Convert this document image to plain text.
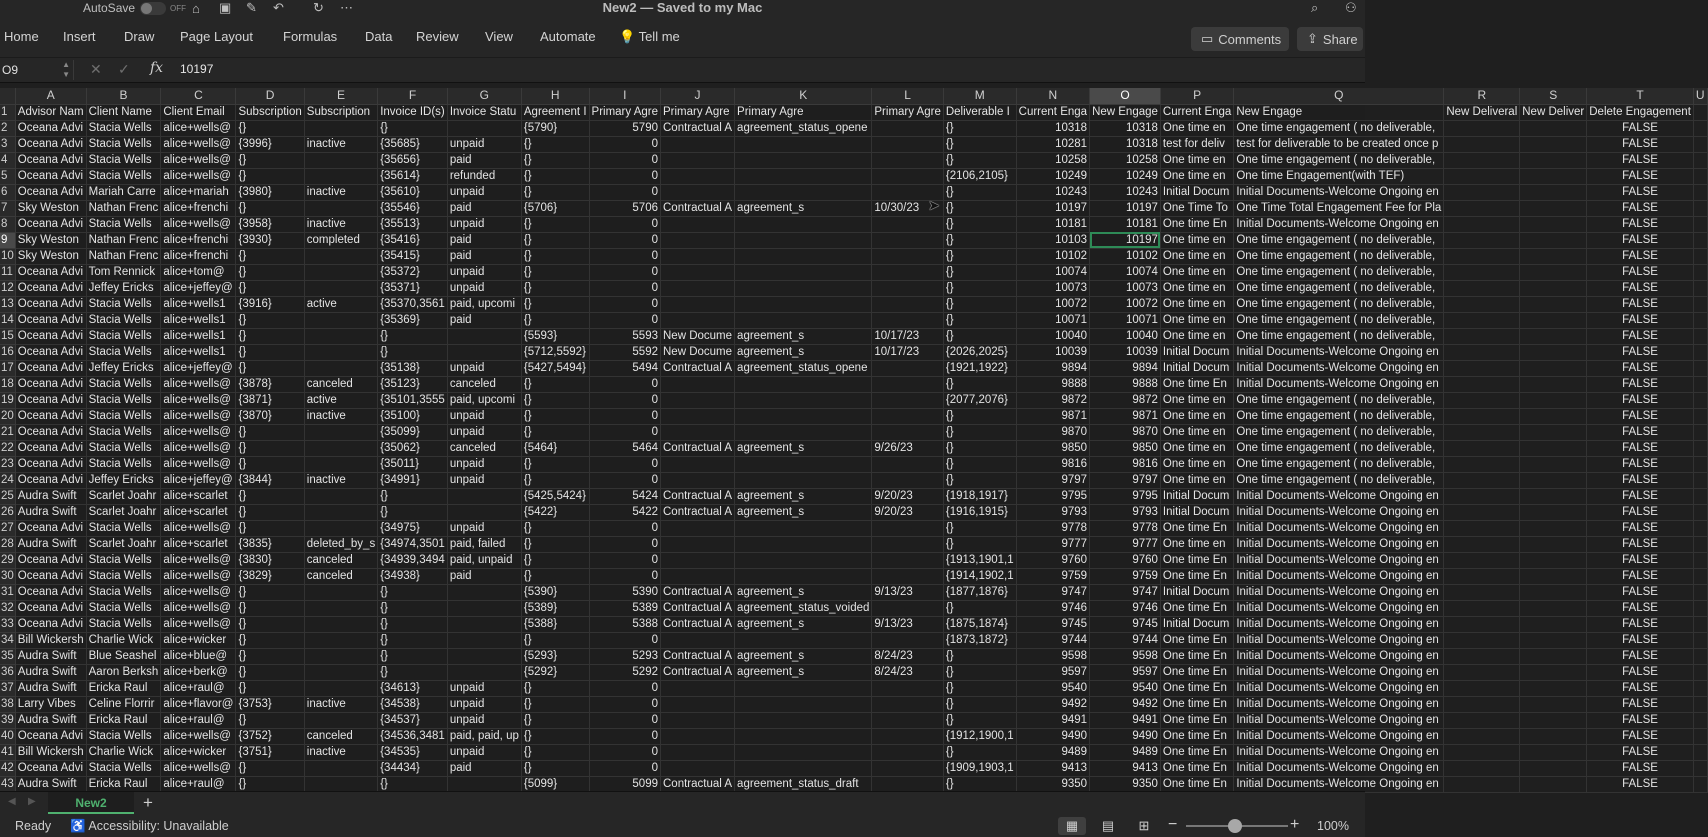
AutoSave	OFF ⌂ ▣ ✎ ↶ ↻ ⋯	New2 — Saved to my Mac	⌕ ⚇
Home Insert Draw Page Layout Formulas Data Review View Automate 💡 Tell me	▭ Comments ⇪ Share
O9	▲
▼ ✕ ✓ fx 10197
	A	B	C	D	E	F	G	H	I	J	K	L	M	N	O	P	Q	R	S	T	U
1	Advisor Nam	Client Name	Client Email	Subscription	Subscription	Invoice ID(s)	Invoice Statu	Agreement I	Primary Agre	Primary Agre	Primary Agre	Primary Agre	Deliverable I	Current Enga	New Engage	Current Enga	New Engage	New Deliveral	New Deliver	Delete Engagement	
2	Oceana Advi	Stacia Wells	alice+wells@	{}		{}		{5790}	5790	Contractual A	agreement_status_opene		{}	10318	10318	One time en	One time engagement ( no deliverable,			FALSE	
3	Oceana Advi	Stacia Wells	alice+wells@	{3996}	inactive	{35685}	unpaid	{}	0				{}	10281	10318	test for deliv	test for deliverable to be created once p			FALSE	
4	Oceana Advi	Stacia Wells	alice+wells@	{}		{35656}	paid	{}	0				{}	10258	10258	One time en	One time engagement ( no deliverable,			FALSE	
5	Oceana Advi	Stacia Wells	alice+wells@	{}		{35614}	refunded	{}	0				{2106,2105}	10249	10249	One time en	One time Engagement(with TEF)			FALSE	
6	Oceana Advi	Mariah Carre	alice+mariah	{3980}	inactive	{35610}	unpaid	{}	0				{}	10243	10243	Initial Docum	Initial Documents-Welcome Ongoing en			FALSE	
7	Sky Weston	Nathan Frenc	alice+frenchi	{}		{35546}	paid	{5706}	5706	Contractual A	agreement_s	10/30/23	{}	10197	10197	One Time To	One Time Total Engagement Fee for Pla			FALSE	
8	Oceana Advi	Stacia Wells	alice+wells@	{3958}	inactive	{35513}	unpaid	{}	0				{}	10181	10181	One time En	Initial Documents-Welcome Ongoing en			FALSE	
9	Sky Weston	Nathan Frenc	alice+frenchi	{3930}	completed	{35416}	paid	{}	0				{}	10103	10197	One time en	One time engagement ( no deliverable,			FALSE	
10	Sky Weston	Nathan Frenc	alice+frenchi	{}		{35415}	paid	{}	0				{}	10102	10102	One time en	One time engagement ( no deliverable,			FALSE	
11	Oceana Advi	Tom Rennick	alice+tom@	{}		{35372}	unpaid	{}	0				{}	10074	10074	One time en	One time engagement ( no deliverable,			FALSE	
12	Oceana Advi	Jeffey Ericks	alice+jeffey@	{}		{35371}	unpaid	{}	0				{}	10073	10073	One time en	One time engagement ( no deliverable,			FALSE	
13	Oceana Advi	Stacia Wells	alice+wells1	{3916}	active	{35370,3561	paid, upcomi	{}	0				{}	10072	10072	One time en	One time engagement ( no deliverable,			FALSE	
14	Oceana Advi	Stacia Wells	alice+wells1	{}		{35369}	paid	{}	0				{}	10071	10071	One time en	One time engagement ( no deliverable,			FALSE	
15	Oceana Advi	Stacia Wells	alice+wells1	{}		{}		{5593}	5593	New Docume	agreement_s	10/17/23	{}	10040	10040	One time en	One time engagement ( no deliverable,			FALSE	
16	Oceana Advi	Stacia Wells	alice+wells1	{}		{}		{5712,5592}	5592	New Docume	agreement_s	10/17/23	{2026,2025}	10039	10039	Initial Docum	Initial Documents-Welcome Ongoing en			FALSE	
17	Oceana Advi	Jeffey Ericks	alice+jeffey@	{}		{35138}	unpaid	{5427,5494}	5494	Contractual A	agreement_status_opene		{1921,1922}	9894	9894	Initial Docum	Initial Documents-Welcome Ongoing en			FALSE	
18	Oceana Advi	Stacia Wells	alice+wells@	{3878}	canceled	{35123}	canceled	{}	0				{}	9888	9888	One time En	Initial Documents-Welcome Ongoing en			FALSE	
19	Oceana Advi	Stacia Wells	alice+wells@	{3871}	active	{35101,3555	paid, upcomi	{}	0				{2077,2076}	9872	9872	One time en	One time engagement ( no deliverable,			FALSE	
20	Oceana Advi	Stacia Wells	alice+wells@	{3870}	inactive	{35100}	unpaid	{}	0				{}	9871	9871	One time en	One time engagement ( no deliverable,			FALSE	
21	Oceana Advi	Stacia Wells	alice+wells@	{}		{35099}	unpaid	{}	0				{}	9870	9870	One time en	One time engagement ( no deliverable,			FALSE	
22	Oceana Advi	Stacia Wells	alice+wells@	{}		{35062}	canceled	{5464}	5464	Contractual A	agreement_s	9/26/23	{}	9850	9850	One time en	One time engagement ( no deliverable,			FALSE	
23	Oceana Advi	Stacia Wells	alice+wells@	{}		{35011}	unpaid	{}	0				{}	9816	9816	One time en	One time engagement ( no deliverable,			FALSE	
24	Oceana Advi	Jeffey Ericks	alice+jeffey@	{3844}	inactive	{34991}	unpaid	{}	0				{}	9797	9797	One time en	One time engagement ( no deliverable,			FALSE	
25	Audra Swift	Scarlet Joahr	alice+scarlet	{}		{}		{5425,5424}	5424	Contractual A	agreement_s	9/20/23	{1918,1917}	9795	9795	Initial Docum	Initial Documents-Welcome Ongoing en			FALSE	
26	Audra Swift	Scarlet Joahr	alice+scarlet	{}		{}		{5422}	5422	Contractual A	agreement_s	9/20/23	{1916,1915}	9793	9793	Initial Docum	Initial Documents-Welcome Ongoing en			FALSE	
27	Oceana Advi	Stacia Wells	alice+wells@	{}		{34975}	unpaid	{}	0				{}	9778	9778	One time En	Initial Documents-Welcome Ongoing en			FALSE	
28	Audra Swift	Scarlet Joahr	alice+scarlet	{3835}	deleted_by_s	{34974,3501	paid, failed	{}	0				{}	9777	9777	One time en	Initial Documents-Welcome Ongoing en			FALSE	
29	Oceana Advi	Stacia Wells	alice+wells@	{3830}	canceled	{34939,3494	paid, unpaid	{}	0				{1913,1901,1	9760	9760	One time En	Initial Documents-Welcome Ongoing en			FALSE	
30	Oceana Advi	Stacia Wells	alice+wells@	{3829}	canceled	{34938}	paid	{}	0				{1914,1902,1	9759	9759	One time En	Initial Documents-Welcome Ongoing en			FALSE	
31	Oceana Advi	Stacia Wells	alice+wells@	{}		{}		{5390}	5390	Contractual A	agreement_s	9/13/23	{1877,1876}	9747	9747	Initial Docum	Initial Documents-Welcome Ongoing en			FALSE	
32	Oceana Advi	Stacia Wells	alice+wells@	{}		{}		{5389}	5389	Contractual A	agreement_status_voided		{}	9746	9746	One time En	Initial Documents-Welcome Ongoing en			FALSE	
33	Oceana Advi	Stacia Wells	alice+wells@	{}		{}		{5388}	5388	Contractual A	agreement_s	9/13/23	{1875,1874}	9745	9745	Initial Docum	Initial Documents-Welcome Ongoing en			FALSE	
34	Bill Wickersh	Charlie Wick	alice+wicker	{}		{}		{}	0				{1873,1872}	9744	9744	One time En	Initial Documents-Welcome Ongoing en			FALSE	
35	Audra Swift	Blue Seashel	alice+blue@	{}		{}		{5293}	5293	Contractual A	agreement_s	8/24/23	{}	9598	9598	One time En	Initial Documents-Welcome Ongoing en			FALSE	
36	Audra Swift	Aaron Berksh	alice+berk@	{}		{}		{5292}	5292	Contractual A	agreement_s	8/24/23	{}	9597	9597	One time En	Initial Documents-Welcome Ongoing en			FALSE	
37	Audra Swift	Ericka Raul	alice+raul@	{}		{34613}	unpaid	{}	0				{}	9540	9540	One time En	Initial Documents-Welcome Ongoing en			FALSE	
38	Larry Vibes	Celine Florrir	alice+flavor@	{3753}	inactive	{34538}	unpaid	{}	0				{}	9492	9492	One time En	Initial Documents-Welcome Ongoing en			FALSE	
39	Audra Swift	Ericka Raul	alice+raul@	{}		{34537}	unpaid	{}	0				{}	9491	9491	One time En	Initial Documents-Welcome Ongoing en			FALSE	
40	Oceana Advi	Stacia Wells	alice+wells@	{3752}	canceled	{34536,3481	paid, paid, up	{}	0				{1912,1900,1	9490	9490	One time En	Initial Documents-Welcome Ongoing en			FALSE	
41	Bill Wickersh	Charlie Wick	alice+wicker	{3751}	inactive	{34535}	unpaid	{}	0				{}	9489	9489	One time En	Initial Documents-Welcome Ongoing en			FALSE	
42	Oceana Advi	Stacia Wells	alice+wells@	{}		{34434}	paid	{}	0				{1909,1903,1	9413	9413	One time En	Initial Documents-Welcome Ongoing en			FALSE	
43	Audra Swift	Ericka Raul	alice+raul@	{}		{}		{5099}	5099	Contractual A	agreement_status_draft		{}	9350	9350	One time En	Initial Documents-Welcome Ongoing en			FALSE	
➤
◀ ▶	New2	+
Ready ♿ Accessibility: Unavailable	▦	▤	⊞	−	+ 100%
